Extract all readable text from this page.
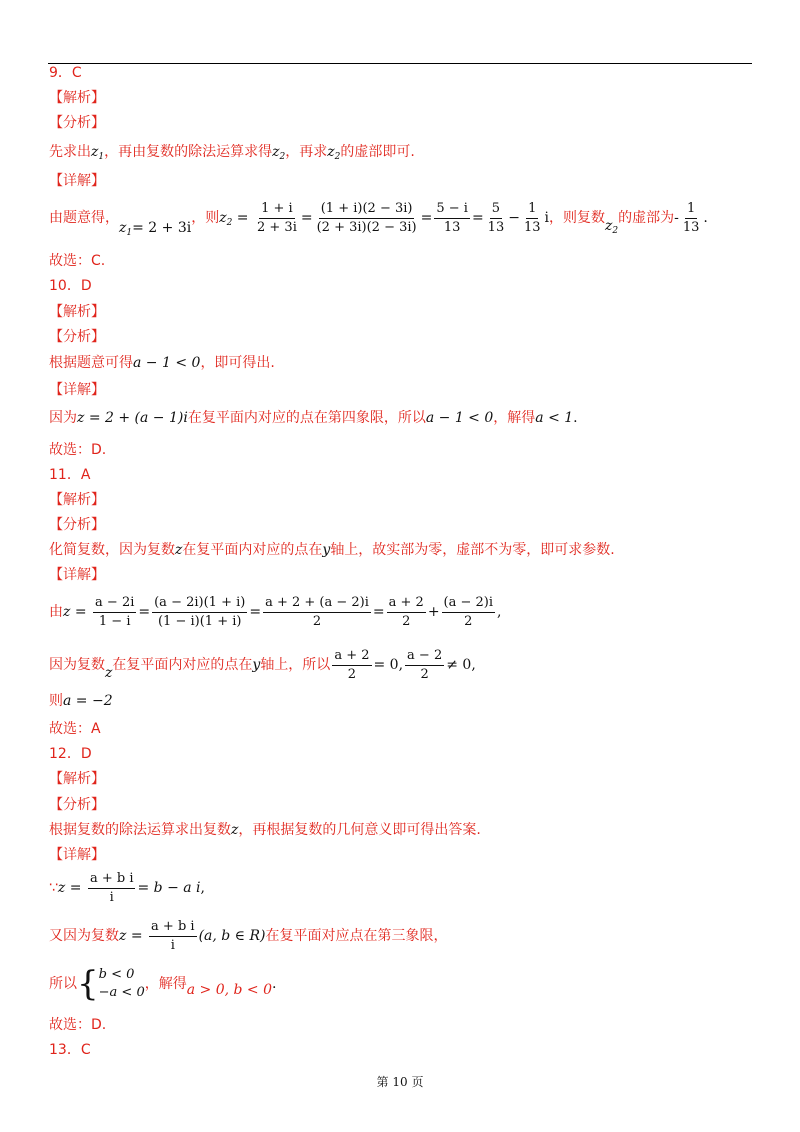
9．C
【解析】
【分析】
先求出$z_1$，再由复数的除法运算求得$z_2$，再求$z_2$的虚部即可.
【详解】
由题意得，$z_1= 2 + 3i$，则$z_2 = \frac{1 + i}{2 + 3i} = \frac{(1 + i)(2 - 3i)}{(2 + 3i)(2 - 3i)} = \frac{5 - i}{13} = \frac{5}{13} - \frac{1}{13}$ i，则复数$z_2$的虚部为- $\frac{1}{13}$ .
故选：C.
10．D
【解析】
【分析】
根据题意可得a − 1 < 0，即可得出.
【详解】
因为z = 2 + (a − 1)i在复平面内对应的点在第四象限，所以a − 1 < 0，解得a < 1.
故选：D.
11．A
【解析】
【分析】
化简复数，因为复数z在复平面内对应的点在y轴上，故实部为零，虚部不为零，即可求参数.
【详解】
由$z = \frac{a - 2i}{1 - i} = \frac{(a - 2i)(1 + i)}{(1 - i)(1 + i)} = \frac{a + 2 + (a - 2)i}{2} = \frac{a + 2}{2} + \frac{(a - 2)i}{2}$ ,
因为复数z在复平面内对应的点在y轴上，所以 $\frac{a + 2}{2} = 0$, $\frac{a - 2}{2} \ne 0$,
则a = −2
故选：A
12．D
【解析】
【分析】
根据复数的除法运算求出复数z，再根据复数的几何意义即可得出答案.
【详解】
∵z = $\frac{\text{a + b i}}{i} = b - a$ i,
又因为复数$z = \frac{\text{a + b i}}{i} (a$, b ∈ R)在复平面对应点在第三象限，
所以{ b < 0
−a < 0
，解得a > 0, b < 0.
故选：D.
13．C
第 10 页
